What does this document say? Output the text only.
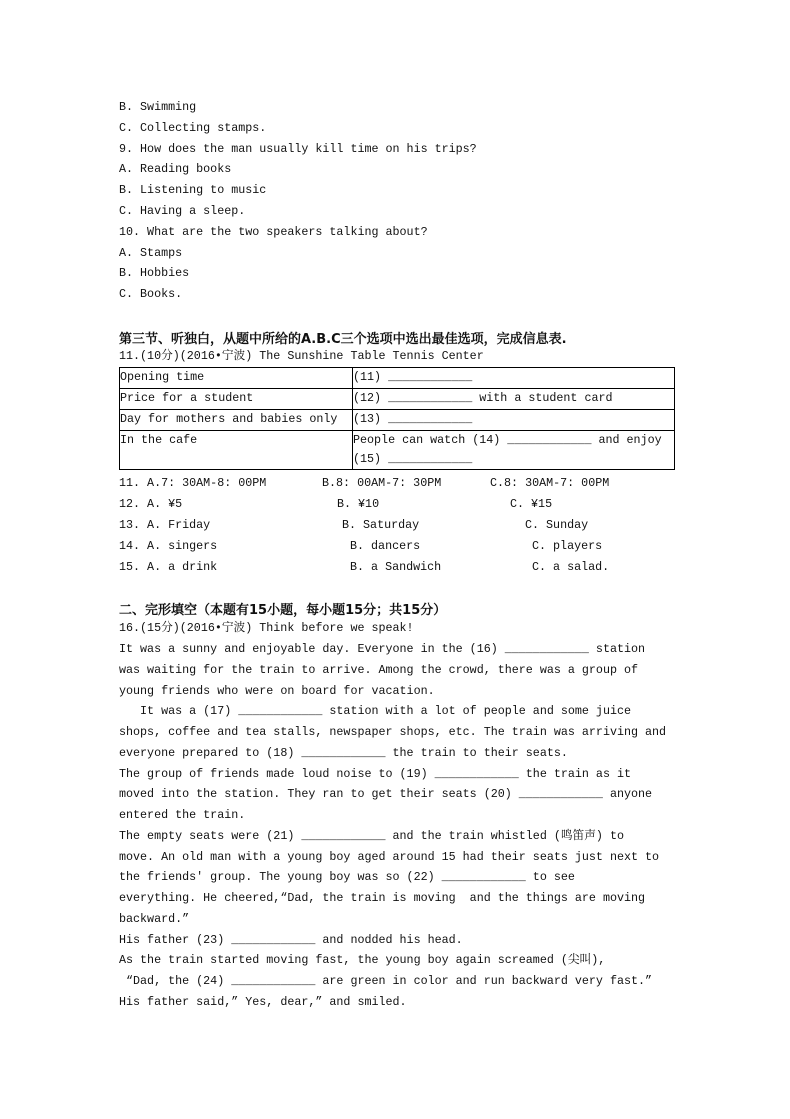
B. Swimming
C. Collecting stamps.
9. How does the man usually kill time on his trips?
A. Reading books
B. Listening to music
C. Having a sleep.
10. What are the two speakers talking about?
A. Stamps
B. Hobbies
C. Books.
第三节、听独白，从题中所给的A.B.C三个选项中选出最佳选项，完成信息表.
11.(10分)(2016•宁波) The Sunshine Table Tennis Center
Opening time	(11) ____________
Price for a student	(12) ____________ with a student card
Day for mothers and babies only	(13) ____________
In the cafe	People can watch (14) ____________ and enjoy
(15) ____________
11. A.7: 30AM-8: 00PM	B.8: 00AM-7: 30PM	C.8: 30AM-7: 00PM
12. A. ¥5	B. ¥10	C. ¥15
13. A. Friday	B. Saturday	C. Sunday
14. A. singers	B. dancers	C. players
15. A. a drink	B. a Sandwich	C. a salad.
二、完形填空（本题有15小题，每小题15分；共15分）
16.(15分)(2016•宁波) Think before we speak!
It was a sunny and enjoyable day. Everyone in the (16) ____________ station
was waiting for the train to arrive. Among the crowd, there was a group of
young friends who were on board for vacation.
It was a (17) ____________ station with a lot of people and some juice
shops, coffee and tea stalls, newspaper shops, etc. The train was arriving and
everyone prepared to (18) ____________ the train to their seats.
The group of friends made loud noise to (19) ____________ the train as it
moved into the station. They ran to get their seats (20) ____________ anyone
entered the train.
The empty seats were (21) ____________ and the train whistled (鸣笛声) to
move. An old man with a young boy aged around 15 had their seats just next to
the friends' group. The young boy was so (22) ____________ to see
everything. He cheered,“Dad, the train is moving  and the things are moving
backward.”
His father (23) ____________ and nodded his head.
As the train started moving fast, the young boy again screamed (尖叫),
“Dad, the (24) ____________ are green in color and run backward very fast.”
His father said,” Yes, dear,” and smiled.
